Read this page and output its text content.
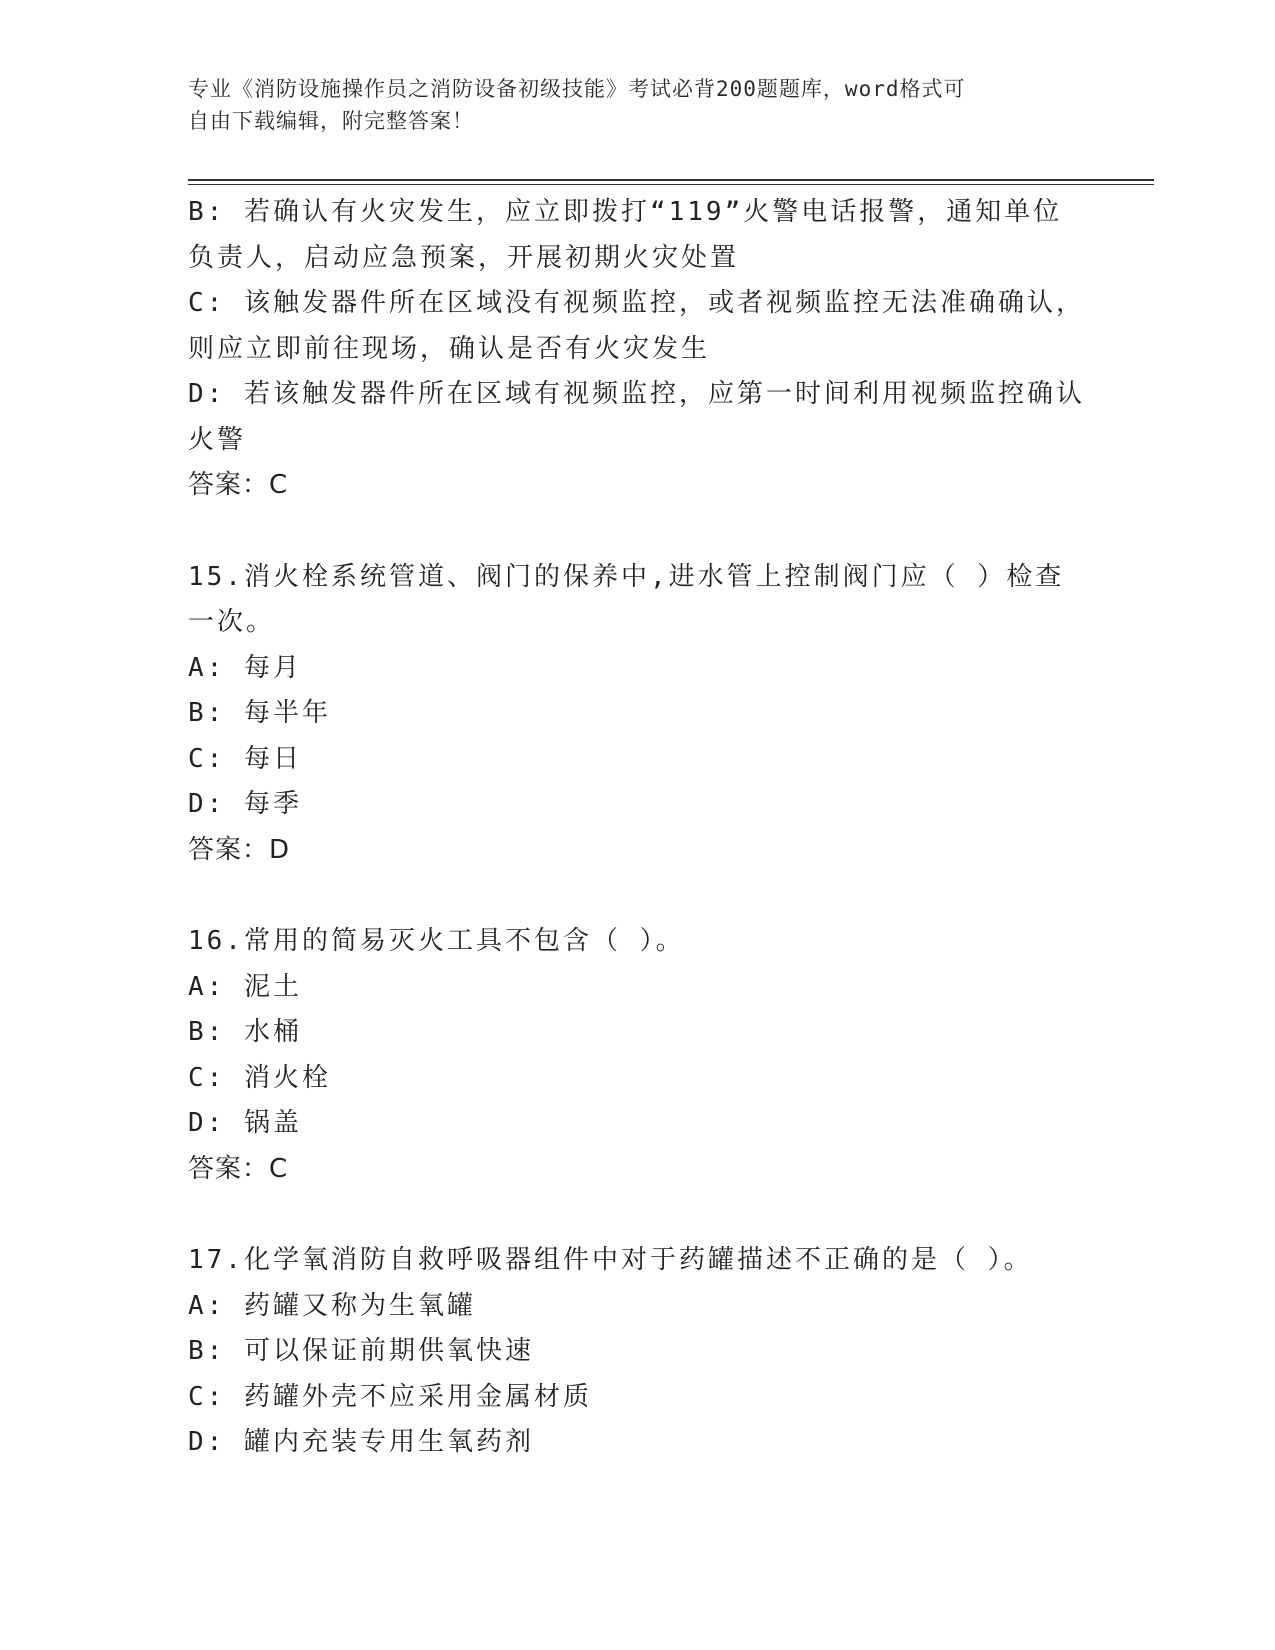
专业《消防设施操作员之消防设备初级技能》考试必背200题题库，word格式可
自由下载编辑，附完整答案！
B: 若确认有火灾发生，应立即拨打“119”火警电话报警，通知单位
负责人，启动应急预案，开展初期火灾处置
C: 该触发器件所在区域没有视频监控，或者视频监控无法准确确认，
则应立即前往现场，确认是否有火灾发生
D: 若该触发器件所在区域有视频监控，应第一时间利用视频监控确认
火警
答案：C
15.消火栓系统管道、阀门的保养中,进水管上控制阀门应（ ）检查
一次。
A: 每月
B: 每半年
C: 每日
D: 每季
答案：D
16.常用的简易灭火工具不包含（ ）。
A: 泥土
B: 水桶
C: 消火栓
D: 锅盖
答案：C
17.化学氧消防自救呼吸器组件中对于药罐描述不正确的是（ ）。
A: 药罐又称为生氧罐
B: 可以保证前期供氧快速
C: 药罐外壳不应采用金属材质
D: 罐内充装专用生氧药剂
